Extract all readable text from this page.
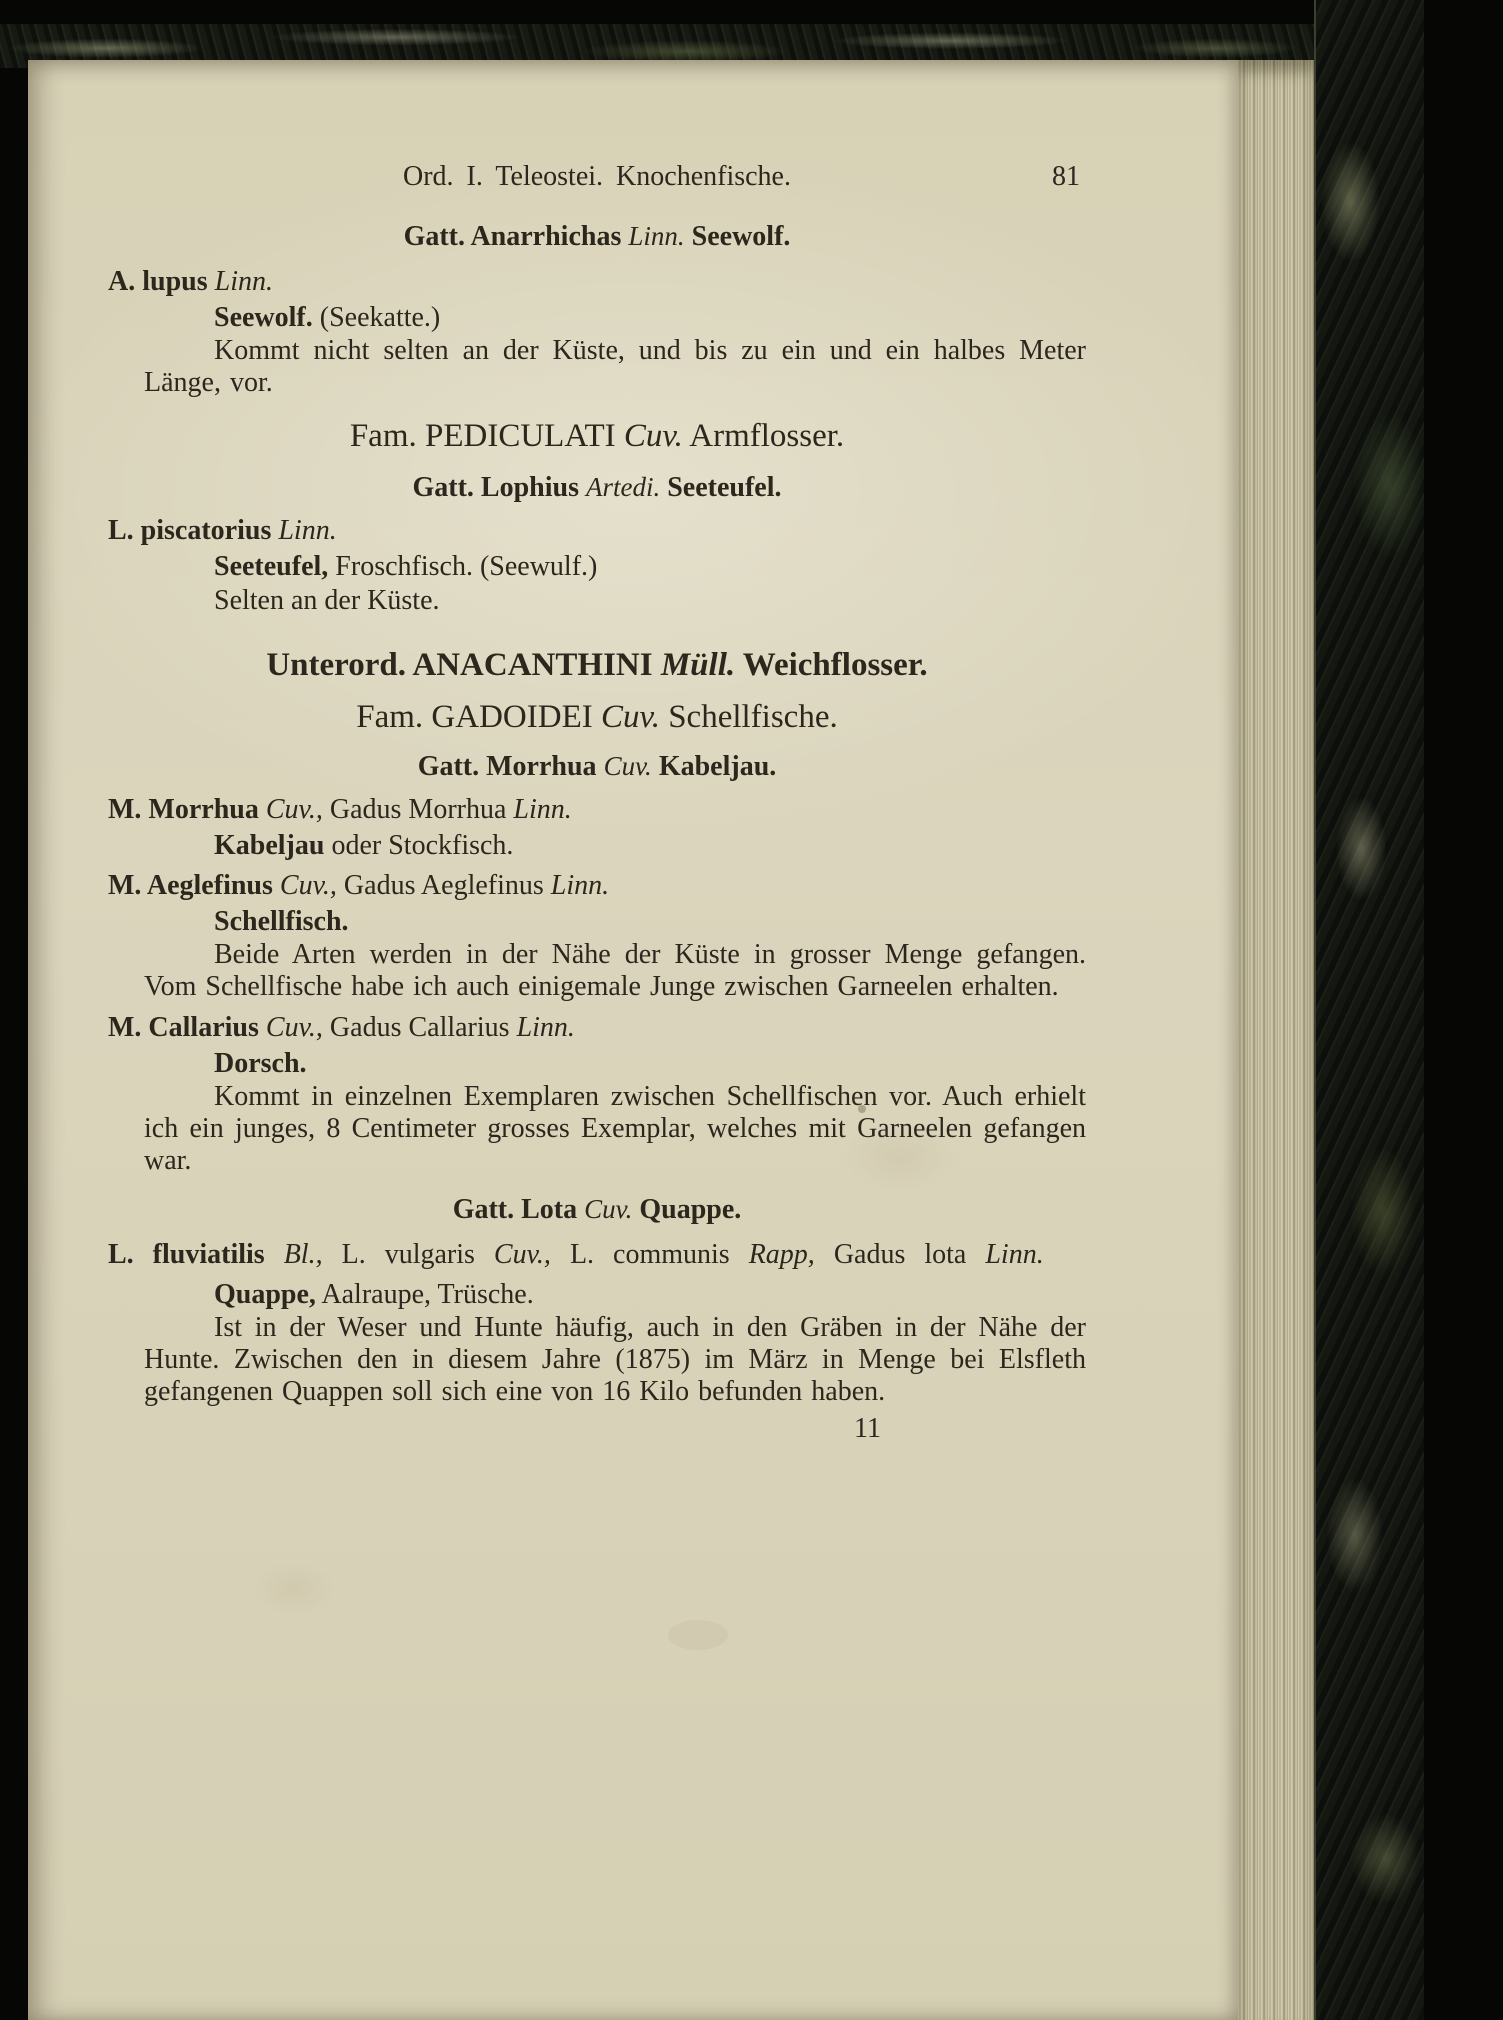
Ord. I. Teleostei. Knochenfische.	81
Gatt. Anarrhichas Linn. Seewolf.
A. lupus Linn.
Seewolf. (Seekatte.)
Kommt nicht selten an der Küste, und bis zu ein und ein halbes Meter Länge, vor.
Fam. PEDICULATI Cuv. Armflosser.
Gatt. Lophius Artedi. Seeteufel.
L. piscatorius Linn.
Seeteufel, Froschfisch. (Seewulf.)
Selten an der Küste.
Unterord. ANACANTHINI Müll. Weichflosser.
Fam. GADOIDEI Cuv. Schellfische.
Gatt. Morrhua Cuv. Kabeljau.
M. Morrhua Cuv., Gadus Morrhua Linn.
Kabeljau oder Stockfisch.
M. Aeglefinus Cuv., Gadus Aeglefinus Linn.
Schellfisch.
Beide Arten werden in der Nähe der Küste in grosser Menge gefangen. Vom Schellfische habe ich auch einigemale Junge zwischen Garneelen erhalten.
M. Callarius Cuv., Gadus Callarius Linn.
Dorsch.
Kommt in einzelnen Exemplaren zwischen Schellfischen vor. Auch erhielt ich ein junges, 8 Centimeter grosses Exemplar, welches mit Garneelen gefangen war.
Gatt. Lota Cuv. Quappe.
L. fluviatilis Bl., L. vulgaris Cuv., L. communis Rapp, Gadus lota Linn.
Quappe, Aalraupe, Trüsche.
Ist in der Weser und Hunte häufig, auch in den Gräben in der Nähe der Hunte. Zwischen den in diesem Jahre (1875) im März in Menge bei Elsfleth gefangenen Quappen soll sich eine von 16 Kilo befunden haben.
11
